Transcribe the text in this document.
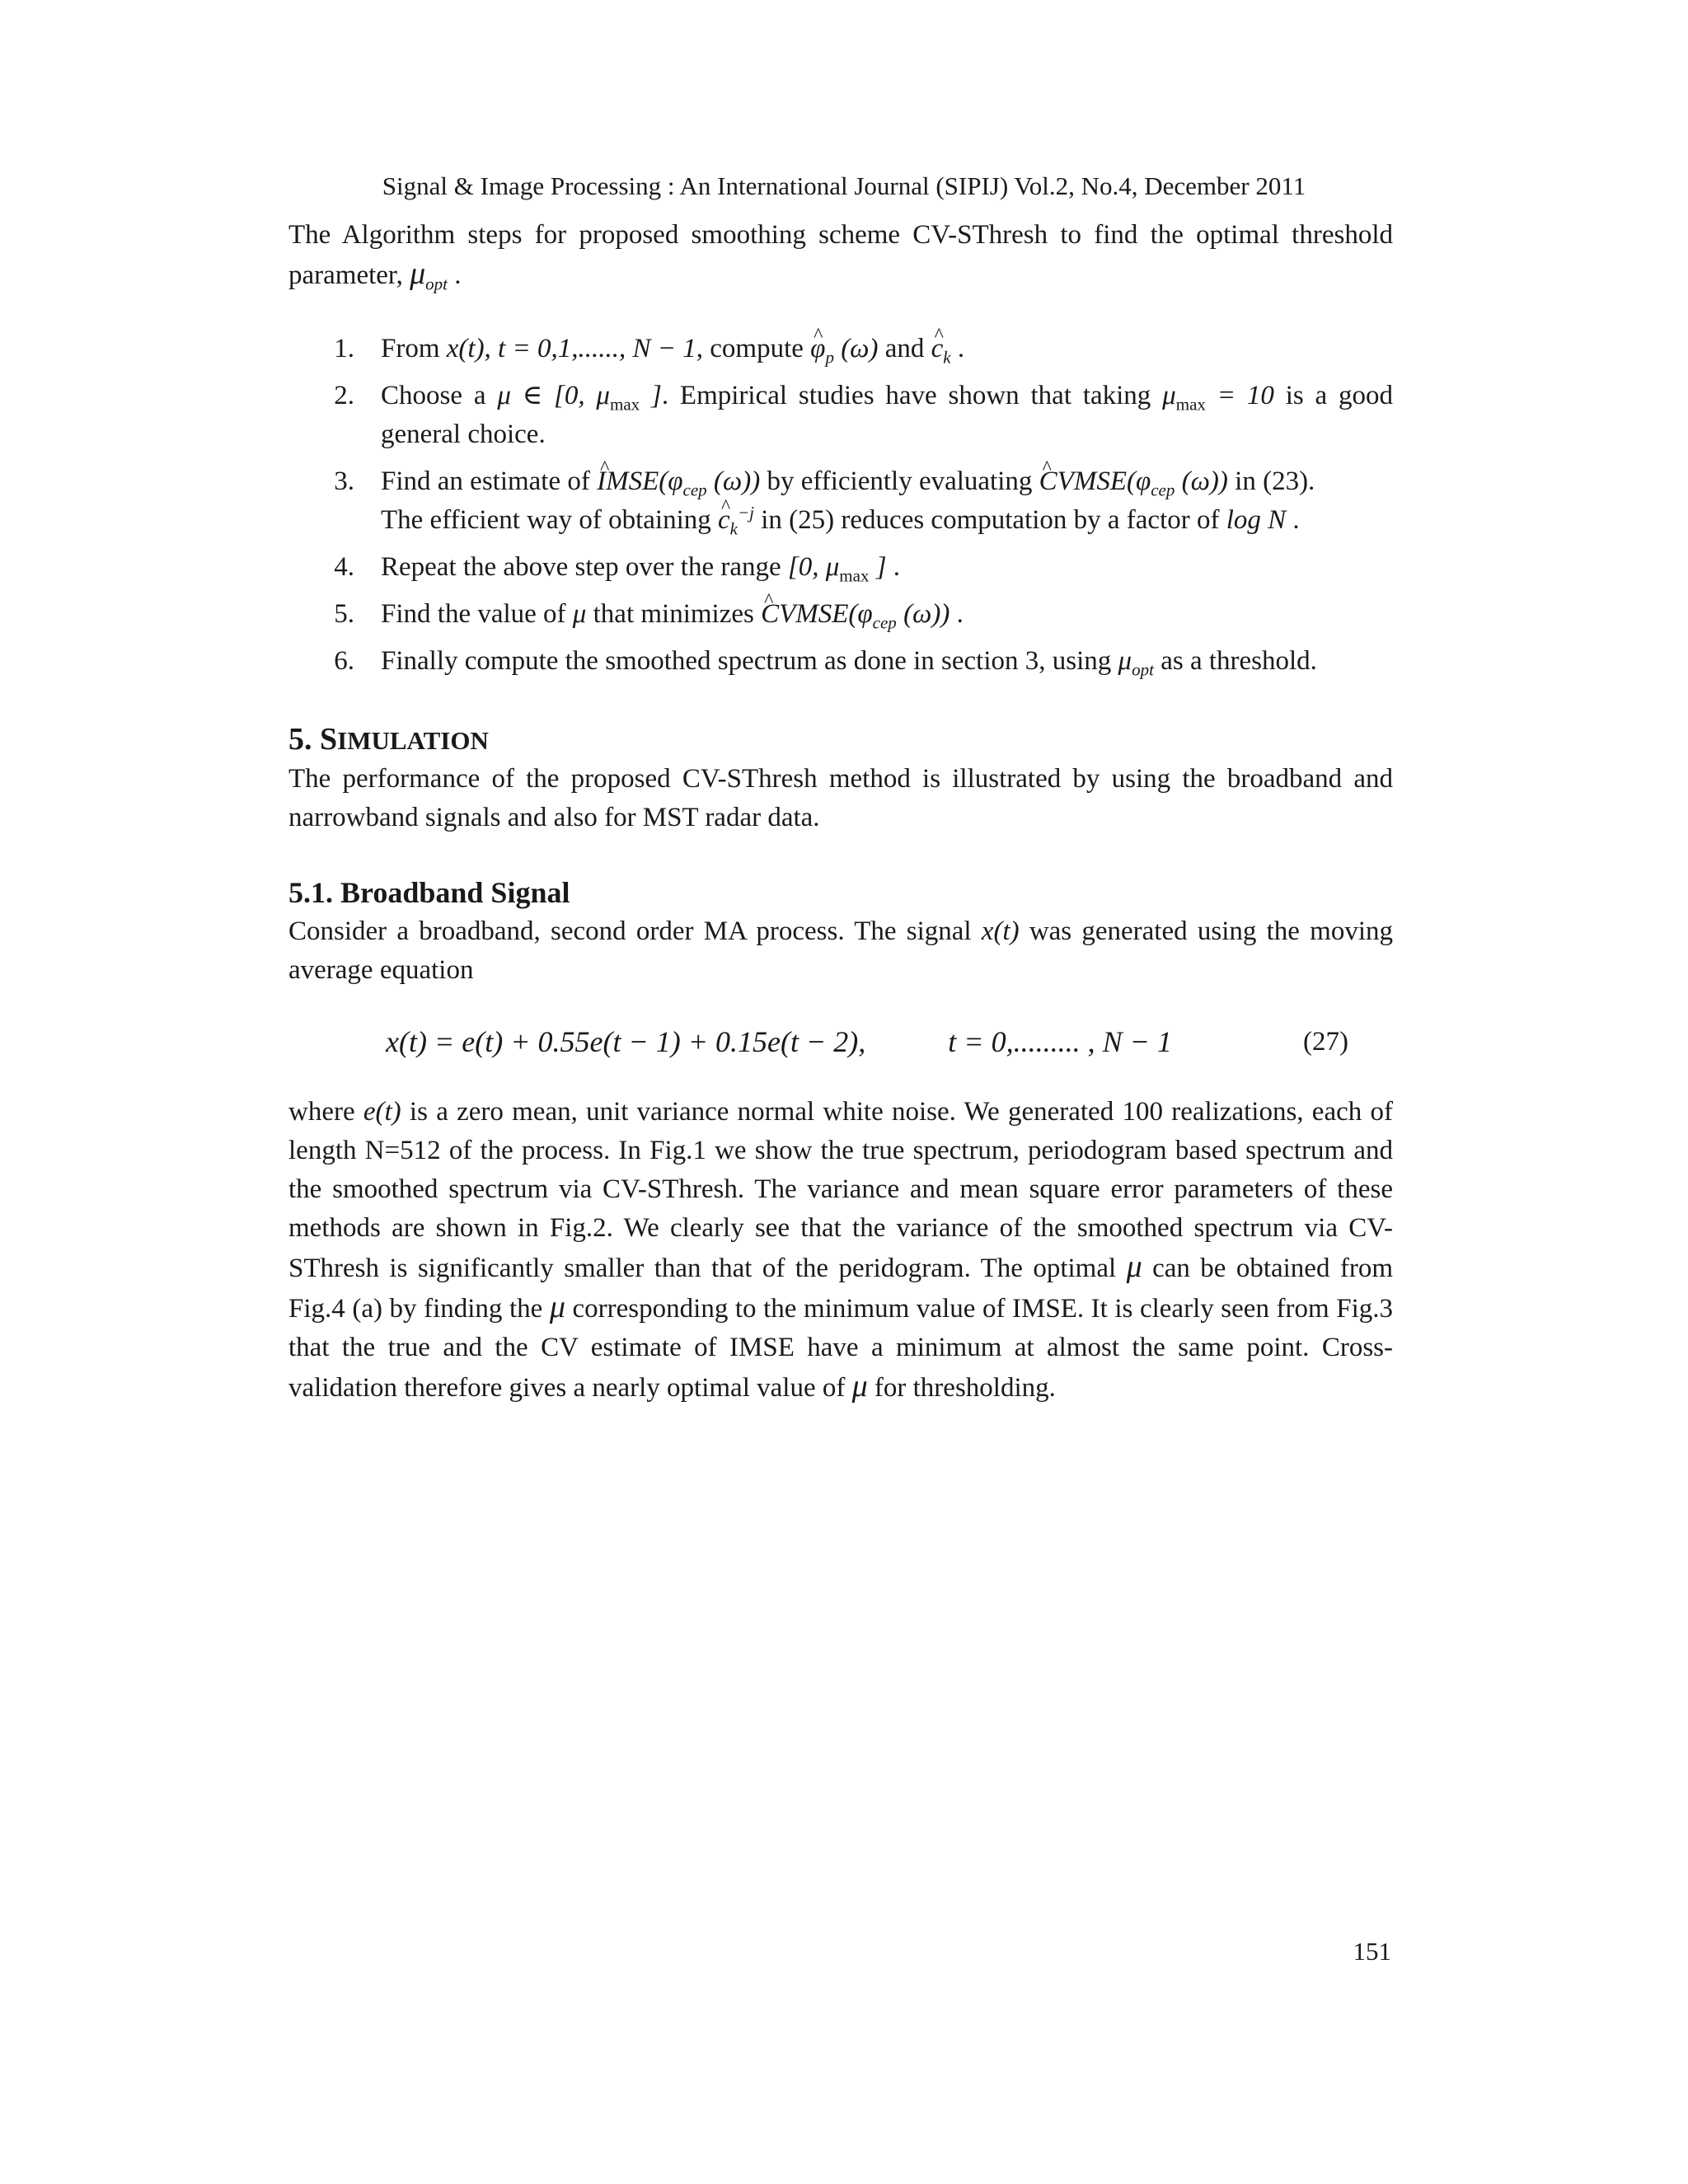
Signal & Image Processing : An International Journal (SIPIJ) Vol.2, No.4, December 2011

The Algorithm steps for proposed smoothing scheme CV-SThresh to find the optimal threshold parameter, $\mu_{opt}$ .

1. From x(t), t = 0,1,......, N − 1, compute ^ $\varphi_p$ (ω) and ^ $c_k$ .
2. Choose a μ ∈ [0, $\mu_{max}$ ]. Empirical studies have shown that taking $\mu_{max} = 10$ is a good general choice.
3. Find an estimate of ^ $IMSE(\varphi_{cep}$ (ω)) by efficiently evaluating ^ $CVMSE(\varphi_{cep}$ (ω)) in (23).
The efficient way of obtaining ^ $c_k^{-j}$ in (25) reduces computation by a factor of log N .
4. Repeat the above step over the range [0, $\mu_{max}$ ] .
5. Find the value of μ that minimizes ^ $CVMSE(\varphi_{cep}$ (ω)) .
6. Finally compute the smoothed spectrum as done in section 3, using $\mu_{opt}$ as a threshold.
5. SIMULATION

The performance of the proposed CV-SThresh method is illustrated by using the broadband and narrowband signals and also for MST radar data.

5.1. Broadband Signal

Consider a broadband, second order MA process. The signal x(t) was generated using the moving average equation

x(t) = e(t) + 0.55e(t − 1) + 0.15e(t − 2),	t = 0,......... , N − 1	(27)

where e(t) is a zero mean, unit variance normal white noise. We generated 100 realizations, each of length N=512 of the process. In Fig.1 we show the true spectrum, periodogram based spectrum and the smoothed spectrum via CV-SThresh. The variance and mean square error parameters of these methods are shown in Fig.2. We clearly see that the variance of the smoothed spectrum via CV-SThresh is significantly smaller than that of the peridogram. The optimal μ can be obtained from Fig.4 (a) by finding the μ corresponding to the minimum value of IMSE. It is clearly seen from Fig.3 that the true and the CV estimate of IMSE have a minimum at almost the same point. Cross- validation therefore gives a nearly optimal value of μ for thresholding.

151
